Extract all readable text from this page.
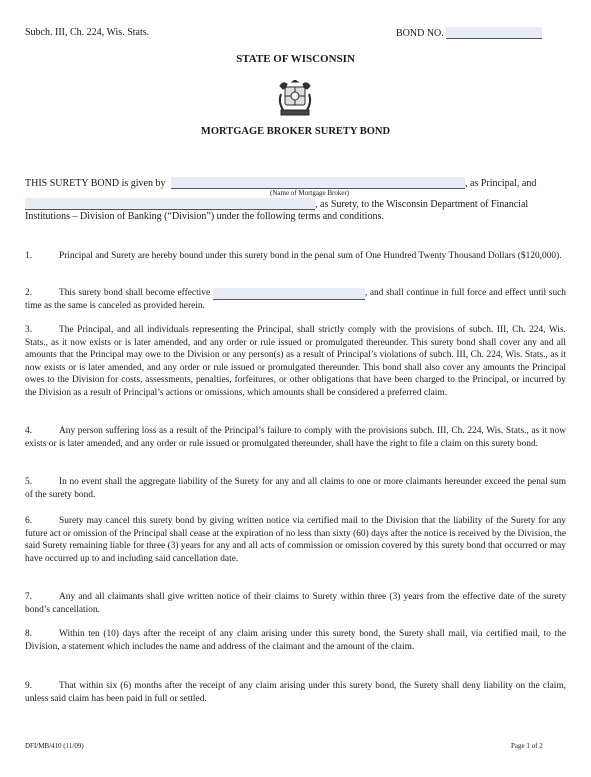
Subch. III, Ch. 224, Wis. Stats.	BOND NO.
STATE OF WISCONSIN
MORTGAGE BROKER SURETY BOND
THIS SURETY BOND is given by	, as Principal, and
(Name of Mortgage Broker)
, as Surety, to the Wisconsin Department of Financial
Institutions – Division of Banking (“Division”) under the following terms and conditions.
1.	Principal and Surety are hereby bound under this surety bond in the penal sum of One Hundred Twenty Thousand Dollars ($120,000).
2.	This surety bond shall become effective	, and shall continue in full force and effect until such time as the same is canceled as provided herein.
3.	The Principal, and all individuals representing the Principal, shall strictly comply with the provisions of subch. III, Ch. 224, Wis. Stats., as it now exists or is later amended, and any order or rule issued or promulgated thereunder. This surety bond shall cover any and all amounts that the Principal may owe to the Division or any person(s) as a result of Principal’s violations of subch. III, Ch. 224, Wis. Stats., as it now exists or is later amended, and any order or rule issued or promulgated thereunder. This bond shall also cover any amounts the Principal owes to the Division for costs, assessments, penalties, forfeitures, or other obligations that have been charged to the Principal, or incurred by the Division as a result of Principal’s actions or omissions, which amounts shall be considered a preferred claim.
4.	Any person suffering loss as a result of the Principal’s failure to comply with the provisions subch. III, Ch. 224, Wis. Stats., as it now exists or is later amended, and any order or rule issued or promulgated thereunder, shall have the right to file a claim on this surety bond.
5.	In no event shall the aggregate liability of the Surety for any and all claims to one or more claimants hereunder exceed the penal sum of the surety bond.
6.	Surety may cancel this surety bond by giving written notice via certified mail to the Division that the liability of the Surety for any future act or omission of the Principal shall cease at the expiration of no less than sixty (60) days after the notice is received by the Division, the said Surety remaining liable for three (3) years for any and all acts of commission or omission covered by this surety bond that occurred or may have occurred up to and including said cancellation date.
7.	Any and all claimants shall give written notice of their claims to Surety within three (3) years from the effective date of the surety bond’s cancellation.
8.	Within ten (10) days after the receipt of any claim arising under this surety bond, the Surety shall mail, via certified mail, to the Division, a statement which includes the name and address of the claimant and the amount of the claim.
9.	That within six (6) months after the receipt of any claim arising under this surety bond, the Surety shall deny liability on the claim, unless said claim has been paid in full or settled.
DFI/MB/410 (11/09)	Page 1 of 2
